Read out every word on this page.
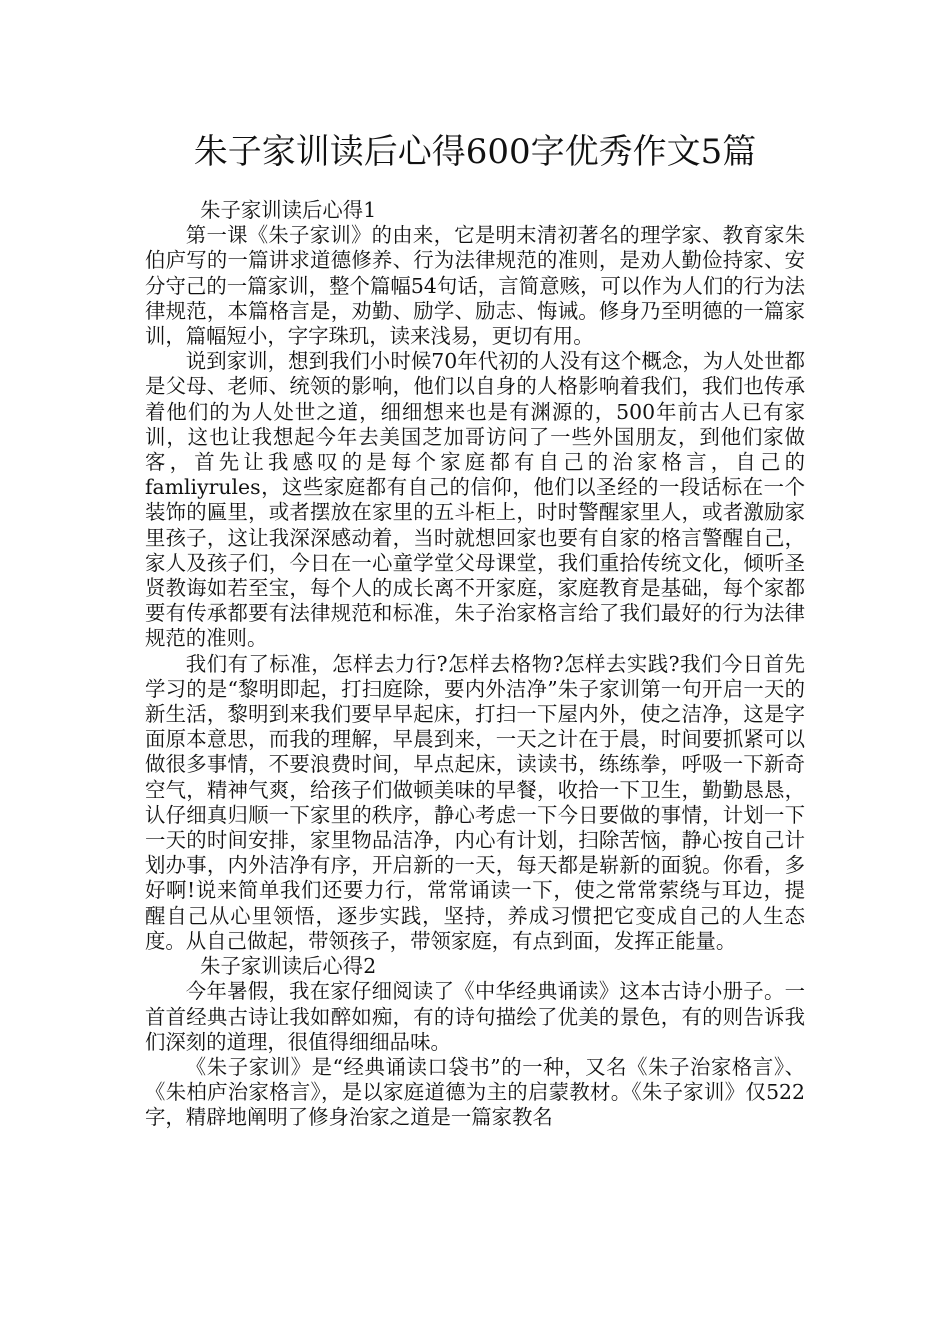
朱子家训读后心得600字优秀作文5篇

朱子家训读后心得1

第一课《朱子家训》的由来，它是明末清初著名的理学家、教育家朱伯庐写的一篇讲求道德修养、行为法律规范的准则，是劝人勤俭持家、安分守己的一篇家训，整个篇幅54句话，言简意赅，可以作为人们的行为法律规范，本篇格言是，劝勤、励学、励志、悔诫。修身乃至明德的一篇家训，篇幅短小，字字珠玑，读来浅易，更切有用。

说到家训，想到我们小时候70年代初的人没有这个概念，为人处世都是父母、老师、统领的影响，他们以自身的人格影响着我们，我们也传承着他们的为人处世之道，细细想来也是有渊源的，500年前古人已有家训，这也让我想起今年去美国芝加哥访问了一些外国朋友，到他们家做客，首先让我感叹的是每个家庭都有自己的治家格言，自己的famliyrules，这些家庭都有自己的信仰，他们以圣经的一段话标在一个装饰的匾里，或者摆放在家里的五斗柜上，时时警醒家里人，或者激励家里孩子，这让我深深感动着，当时就想回家也要有自家的格言警醒自己，家人及孩子们，今日在一心童学堂父母课堂，我们重拾传统文化，倾听圣贤教诲如若至宝，每个人的成长离不开家庭，家庭教育是基础，每个家都要有传承都要有法律规范和标准，朱子治家格言给了我们最好的行为法律规范的准则。

我们有了标准，怎样去力行?怎样去格物?怎样去实践?我们今日首先学习的是“黎明即起，打扫庭除，要内外洁净”朱子家训第一句开启一天的新生活，黎明到来我们要早早起床，打扫一下屋内外，使之洁净，这是字面原本意思，而我的理解，早晨到来，一天之计在于晨，时间要抓紧可以做很多事情，不要浪费时间，早点起床，读读书，练练拳，呼吸一下新奇空气，精神气爽，给孩子们做顿美味的早餐，收拾一下卫生，勤勤恳恳，认仔细真归顺一下家里的秩序，静心考虑一下今日要做的事情，计划一下一天的时间安排，家里物品洁净，内心有计划，扫除苦恼，静心按自己计划办事，内外洁净有序，开启新的一天，每天都是崭新的面貌。你看，多好啊!说来简单我们还要力行，常常诵读一下，使之常常萦绕与耳边，提醒自己从心里领悟，逐步实践，坚持，养成习惯把它变成自己的人生态度。从自己做起，带领孩子，带领家庭，有点到面，发挥正能量。

朱子家训读后心得2

今年暑假，我在家仔细阅读了《中华经典诵读》这本古诗小册子。一首首经典古诗让我如醉如痴，有的诗句描绘了优美的景色，有的则告诉我们深刻的道理，很值得细细品味。

《朱子家训》是“经典诵读口袋书”的一种，又名《朱子治家格言》、《朱柏庐治家格言》，是以家庭道德为主的启蒙教材。《朱子家训》仅522字，精辟地阐明了修身治家之道是一篇家教名
